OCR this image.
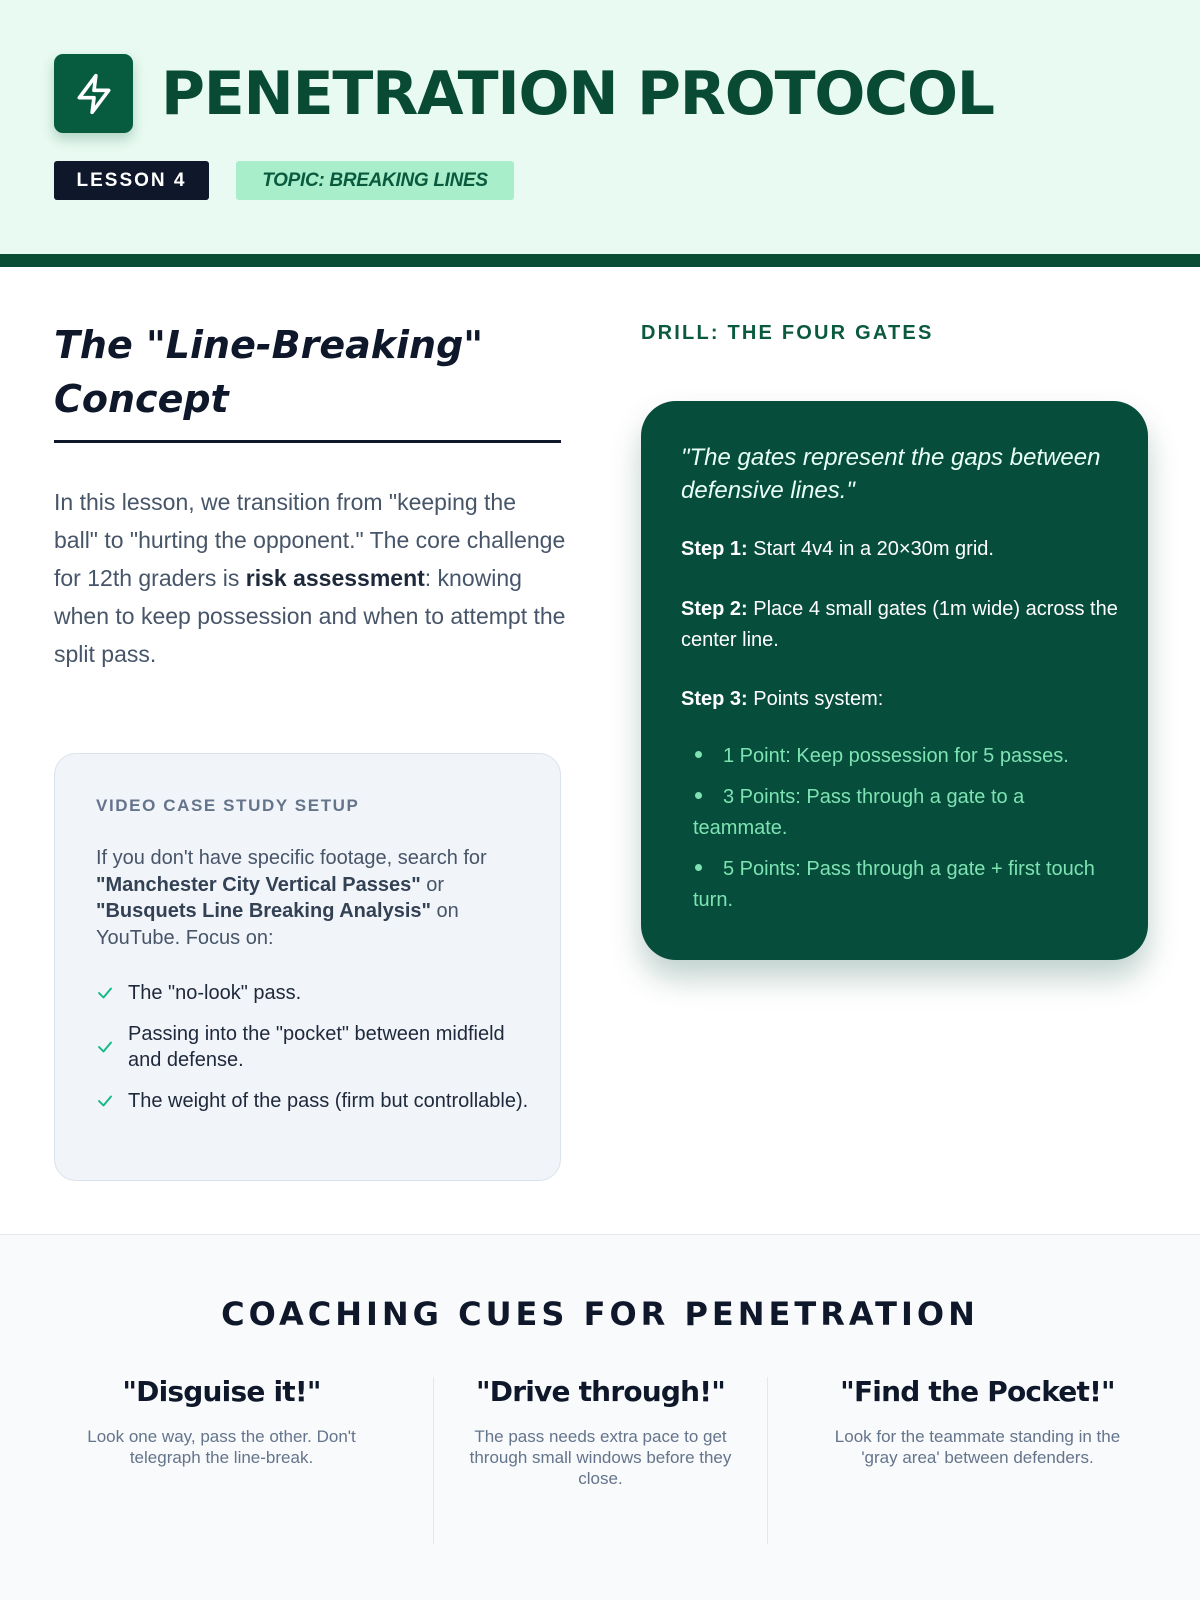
PENETRATION PROTOCOL
LESSON 4	TOPIC: BREAKING LINES
The "Line-Breaking" Concept

In this lesson, we transition from "keeping the ball" to "hurting the opponent." The core challenge for 12th graders is risk assessment: knowing when to keep possession and when to attempt the split pass.

VIDEO CASE STUDY SETUP

If you don't have specific footage, search for "Manchester City Vertical Passes" or "Busquets Line Breaking Analysis" on YouTube. Focus on:

The "no-look" pass.
Passing into the "pocket" between midfield and defense.
The weight of the pass (firm but controllable).
DRILL: THE FOUR GATES

"The gates represent the gaps between defensive lines."

Step 1: Start 4v4 in a 20×30m grid.

Step 2: Place 4 small gates (1m wide) across the center line.

Step 3: Points system:

1 Point: Keep possession for 5 passes.
3 Points: Pass through a gate to a teammate.
5 Points: Pass through a gate + first touch turn.
COACHING CUES FOR PENETRATION
"Disguise it!"
Look one way, pass the other. Don't telegraph the line-break.
"Drive through!"
The pass needs extra pace to get through small windows before they close.
"Find the Pocket!"
Look for the teammate standing in the 'gray area' between defenders.
